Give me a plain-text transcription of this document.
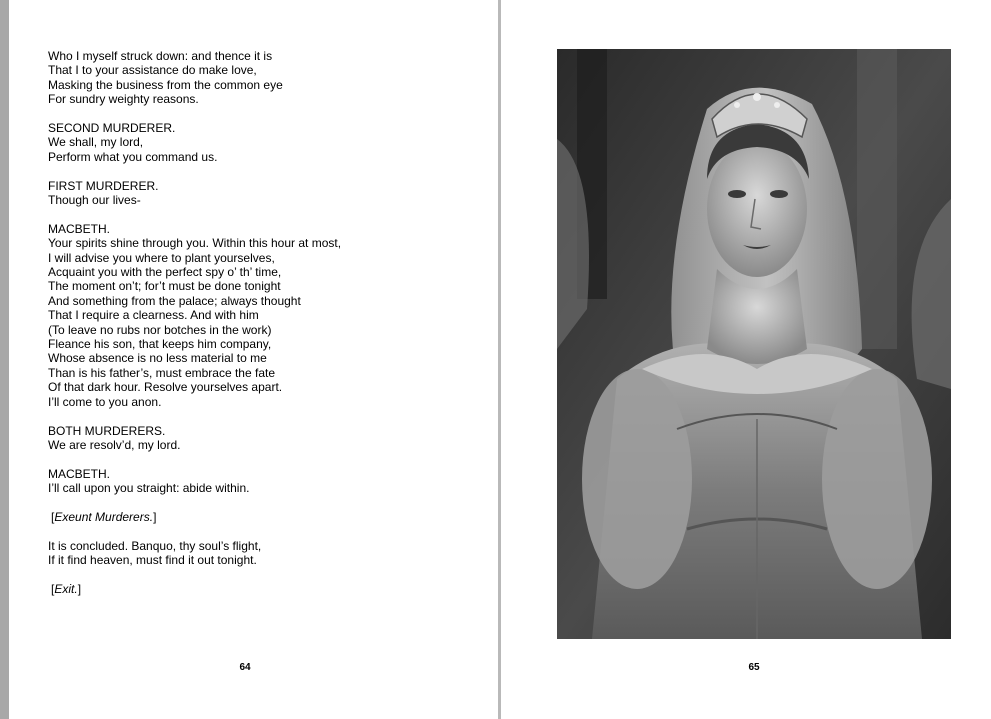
Who I myself struck down: and thence it is
That I to your assistance do make love,
Masking the business from the common eye
For sundry weighty reasons.
SECOND MURDERER.
We shall, my lord,
Perform what you command us.
FIRST MURDERER.
Though our lives-
MACBETH.
Your spirits shine through you. Within this hour at most,
I will advise you where to plant yourselves,
Acquaint you with the perfect spy o’ th’ time,
The moment on’t; for’t must be done tonight
And something from the palace; always thought
That I require a clearness. And with him
(To leave no rubs nor botches in the work)
Fleance his son, that keeps him company,
Whose absence is no less material to me
Than is his father’s, must embrace the fate
Of that dark hour. Resolve yourselves apart.
I’ll come to you anon.
BOTH MURDERERS.
We are resolv’d, my lord.
MACBETH.
I’ll call upon you straight: abide within.
[Exeunt Murderers.]
It is concluded. Banquo, thy soul’s flight,
If it find heaven, must find it out tonight.
[Exit.]
64	65
